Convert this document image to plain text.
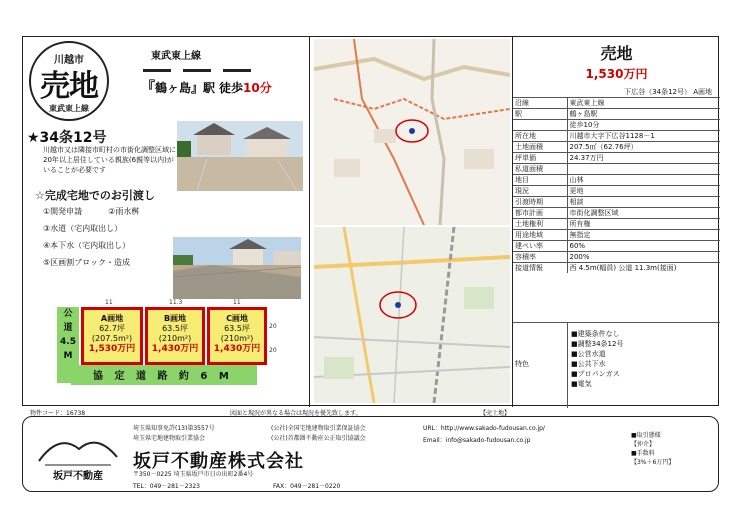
川越市
売地
東武東上線
東武東上線
『鶴ヶ島』駅 徒歩10分
★34条12号
川越市又は隣接市町村の市街化調整区域に20年以上居住している親族(6親等以内)がいることが必要です
☆完成宅地でのお引渡し
①開発申請	②雨水桝
③水道（宅内取出し）
④本下水（宅内取出し）
⑤区画割ブロック・造成
公 道 4.5 M
協 定 道 路 約 6 M
A画地
62.7坪
(207.5m²)
1,530万円
B画地
63.5坪
(210m²)
1,430万円
C画地
63.5坪
(210m²)
1,430万円
11	11.3	11
20
20
売地
1,530万円
下広谷（34条12号） A画地
沿線	東武東上線
駅	鶴ヶ島駅
	徒歩10分
所在地	川越市大字下広谷1128－1
土地面積	207.5㎡（62.76坪）
坪単価	24.37万円
私道面積	
地目	山林
現況	更地
引渡時期	相談
都市計画	市街化調整区域
土地権利	所有権
用途地域	無指定
建ぺい率	60%
容積率	200%
接道情報	西 4.5m(幅員) 公道 11.3m(接面)
特色
■建築条件なし
■調整34条12号
■公営水道
■公共下水
■プロパンガス
■電気
物件コード：16738	図面と現況が異なる場合は現況を優先致します。	【売土地】
坂戸不動産
埼玉県知事免許(13)第3557号
埼玉県宅地建物取引業協会
(公社)全国宅地建物取引業保証協会
(公社)首都圏不動産公正取引協議会
URL：http://www.sakado-fudousan.co.jp/
Email：info@sakado-fudousan.co.jp
坂戸不動産株式会社
〒350－0225 埼玉県坂戸市日の出町2番4号
TEL：049－281－2323	FAX：049－281－0220
■取引態様
【仲介】
■手数料
【3%＋6万円】
